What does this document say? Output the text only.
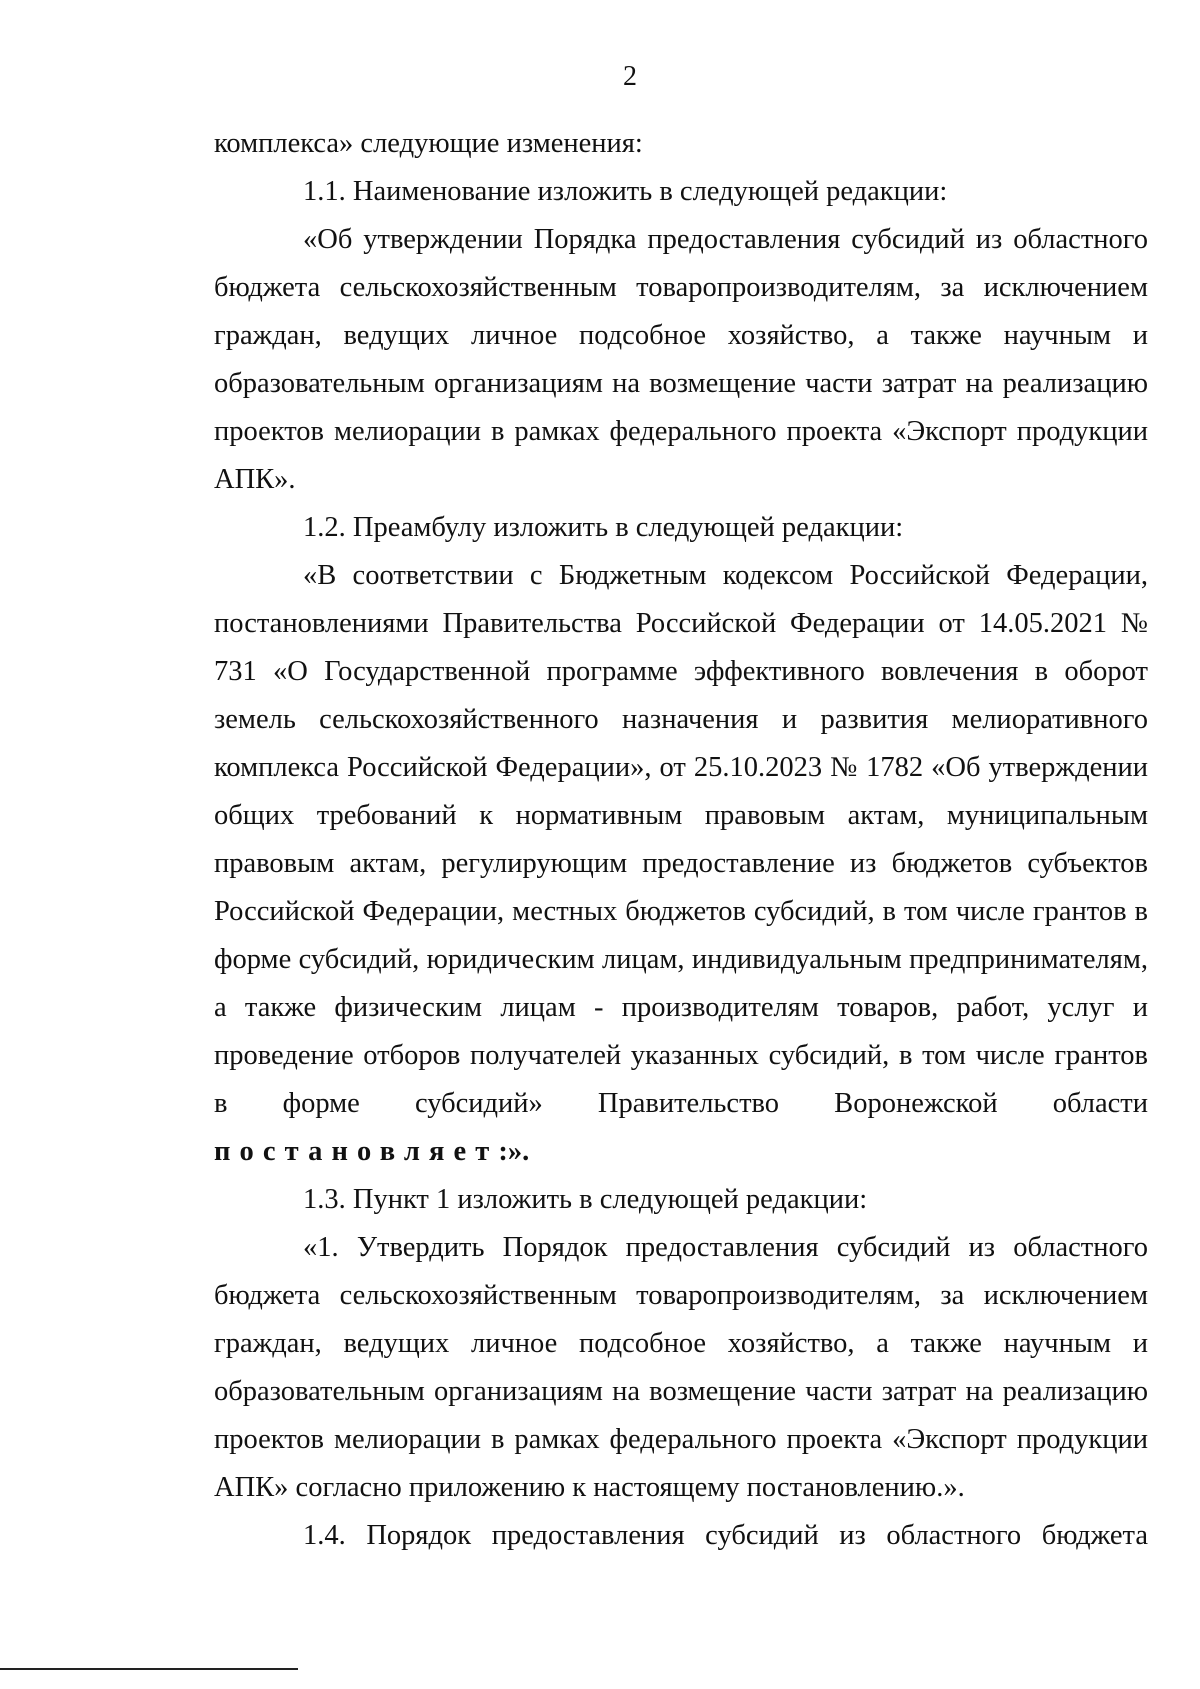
2

комплекса» следующие изменения:

1.1. Наименование изложить в следующей редакции:

«Об утверждении Порядка предоставления субсидий из областного бюджета сельскохозяйственным товаропроизводителям, за исключением граждан, ведущих личное подсобное хозяйство, а также научным и образовательным организациям на возмещение части затрат на реализацию проектов мелиорации в рамках федерального проекта «Экспорт продукции АПК».

1.2. Преамбулу изложить в следующей редакции:

«В соответствии с Бюджетным кодексом Российской Федерации, постановлениями Правительства Российской Федерации от 14.05.2021 № 731 «О Государственной программе эффективного вовлечения в оборот земель сельскохозяйственного назначения и развития мелиоративного комплекса Российской Федерации», от 25.10.2023 № 1782 «Об утверждении общих требований к нормативным правовым актам, муниципальным правовым актам, регулирующим предоставление из бюджетов субъектов Российской Федерации, местных бюджетов субсидий, в том числе грантов в форме субсидий, юридическим лицам, индивидуальным предпринимателям, а также физическим лицам - производителям товаров, работ, услуг и проведение отборов получателей указанных субсидий, в том числе грантов в форме субсидий» Правительство Воронежской области постановляет:».

1.3. Пункт 1 изложить в следующей редакции:

«1. Утвердить Порядок предоставления субсидий из областного бюджета сельскохозяйственным товаропроизводителям, за исключением граждан, ведущих личное подсобное хозяйство, а также научным и образовательным организациям на возмещение части затрат на реализацию проектов мелиорации в рамках федерального проекта «Экспорт продукции АПК» согласно приложению к настоящему постановлению.».

1.4. Порядок предоставления субсидий из областного бюджета
